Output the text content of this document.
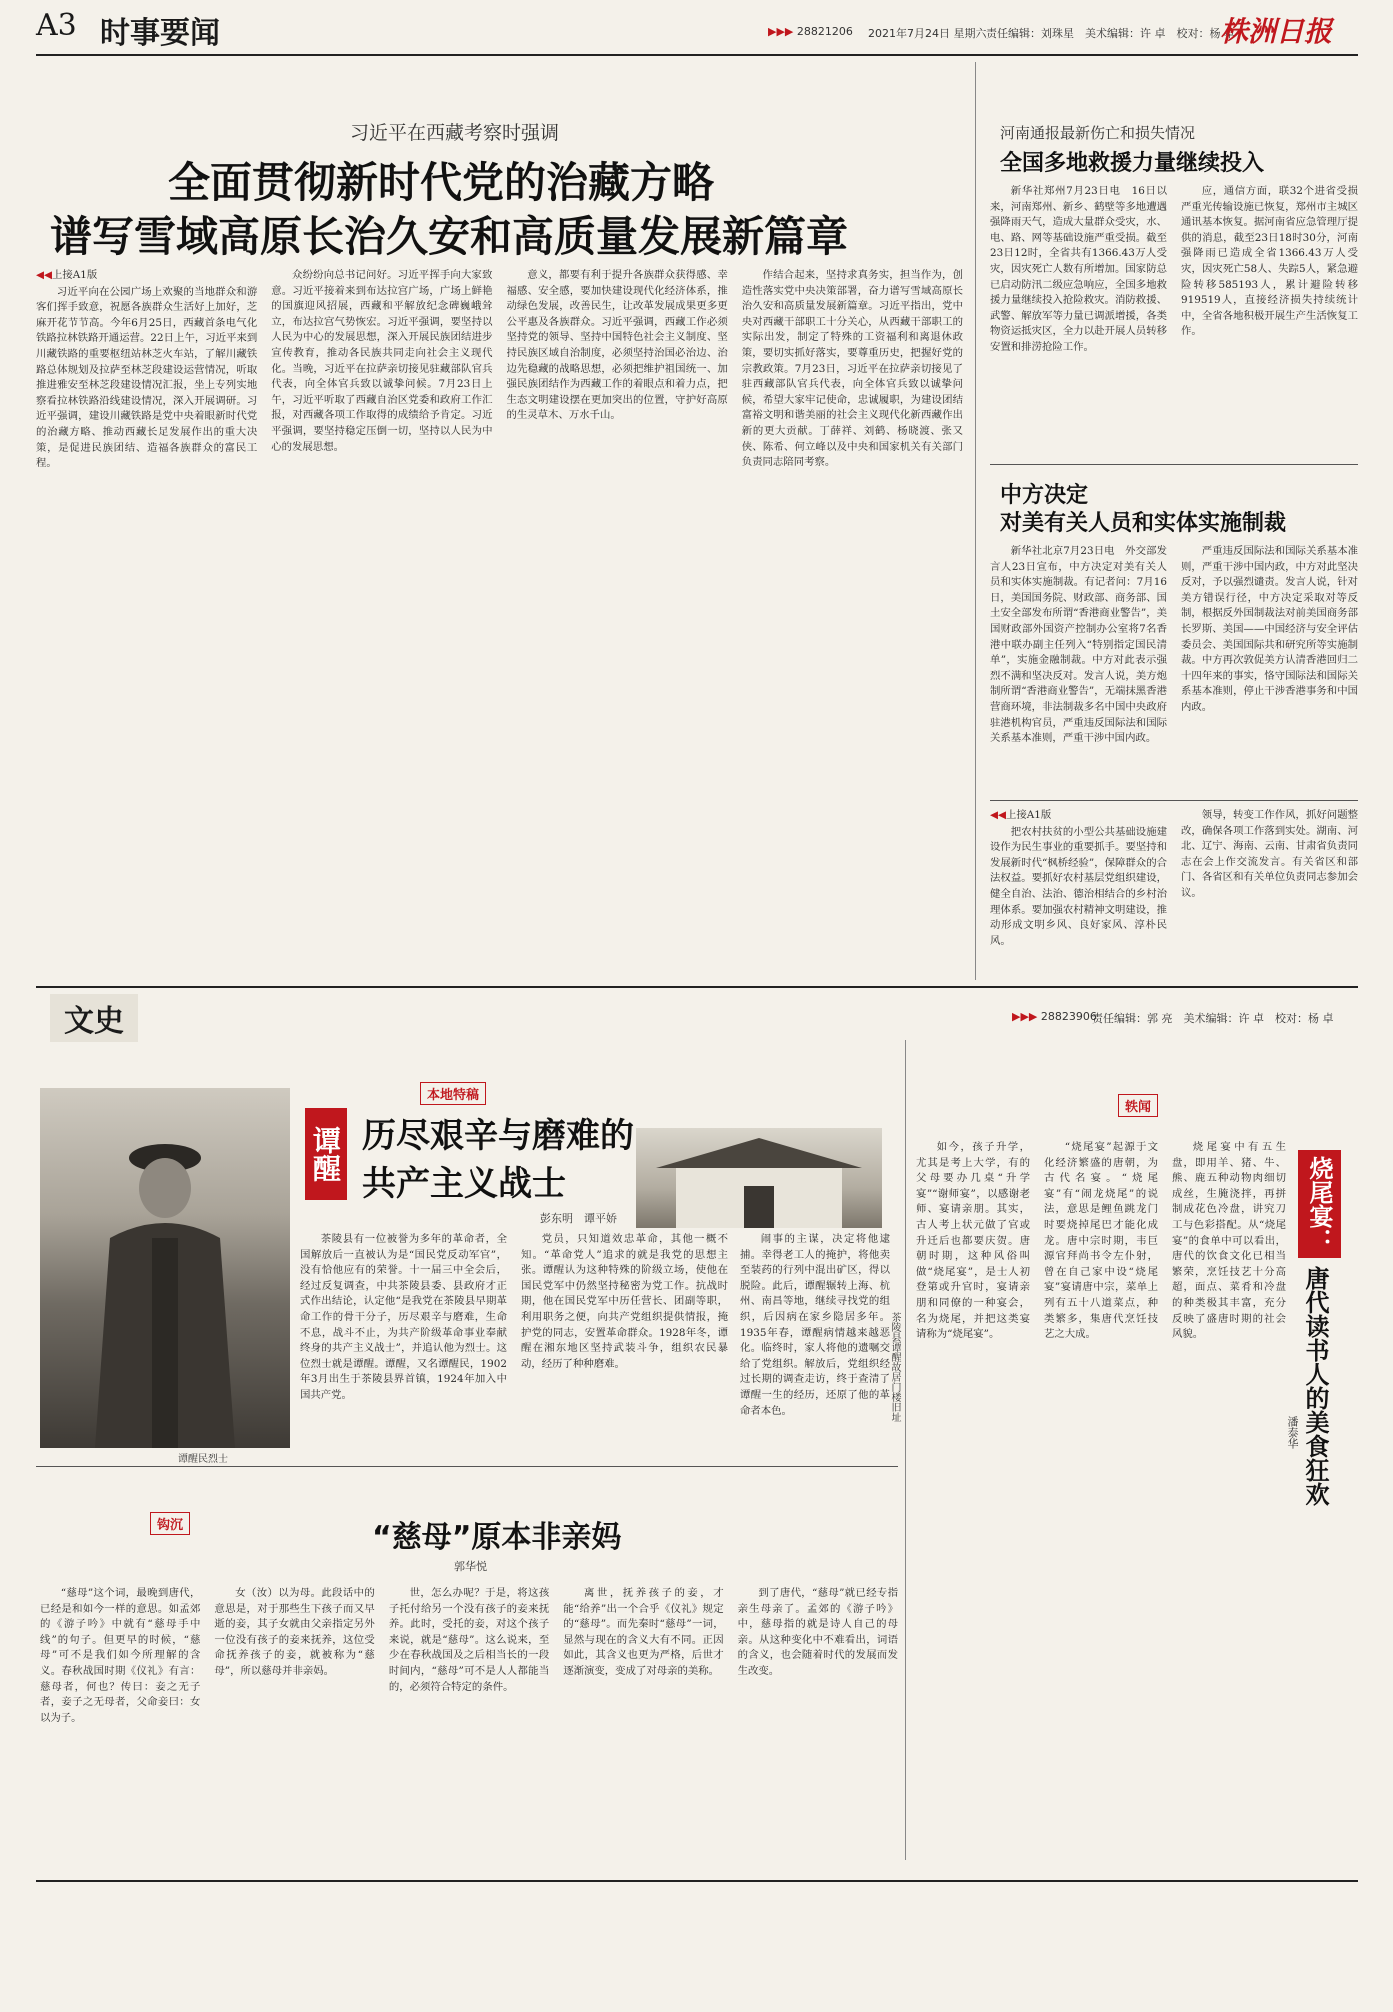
A3 时事要闻	▶▶▶ 28821206 2021年7月24日 星期六 责任编辑：刘珠星　美术编辑：许 卓　校对：杨 卓
株洲日报
习近平在西藏考察时强调
全面贯彻新时代党的治藏方略
谱写雪域高原长治久安和高质量发展新篇章

◀◀上接A1版

习近平向在公园广场上欢聚的当地群众和游客们挥手致意，祝愿各族群众生活好上加好，芝麻开花节节高。今年6月25日，西藏首条电气化铁路拉林铁路开通运营。22日上午，习近平来到川藏铁路的重要枢纽站林芝火车站，了解川藏铁路总体规划及拉萨至林芝段建设运营情况，听取推进雅安至林芝段建设情况汇报，坐上专列实地察看拉林铁路沿线建设情况，深入开展调研。习近平强调，建设川藏铁路是党中央着眼新时代党的治藏方略、推动西藏长足发展作出的重大决策，是促进民族团结、造福各族群众的富民工程。

众纷纷向总书记问好。习近平挥手向大家致意。习近平接着来到布达拉宫广场，广场上鲜艳的国旗迎风招展，西藏和平解放纪念碑巍峨耸立，布达拉宫气势恢宏。习近平强调，要坚持以人民为中心的发展思想，深入开展民族团结进步宣传教育，推动各民族共同走向社会主义现代化。当晚，习近平在拉萨亲切接见驻藏部队官兵代表，向全体官兵致以诚挚问候。7月23日上午，习近平听取了西藏自治区党委和政府工作汇报，对西藏各项工作取得的成绩给予肯定。习近平强调，要坚持稳定压倒一切，坚持以人民为中心的发展思想。

意义，都要有利于提升各族群众获得感、幸福感、安全感，要加快建设现代化经济体系，推动绿色发展，改善民生，让改革发展成果更多更公平惠及各族群众。习近平强调，西藏工作必须坚持党的领导、坚持中国特色社会主义制度、坚持民族区域自治制度，必须坚持治国必治边、治边先稳藏的战略思想，必须把维护祖国统一、加强民族团结作为西藏工作的着眼点和着力点，把生态文明建设摆在更加突出的位置，守护好高原的生灵草木、万水千山。

作结合起来，坚持求真务实，担当作为，创造性落实党中央决策部署，奋力谱写雪域高原长治久安和高质量发展新篇章。习近平指出，党中央对西藏干部职工十分关心，从西藏干部职工的实际出发，制定了特殊的工资福利和离退休政策，要切实抓好落实，要尊重历史，把握好党的宗教政策。7月23日，习近平在拉萨亲切接见了驻西藏部队官兵代表，向全体官兵致以诚挚问候，希望大家牢记使命，忠诚履职，为建设团结富裕文明和谐美丽的社会主义现代化新西藏作出新的更大贡献。丁薛祥、刘鹤、杨晓渡、张又侠、陈希、何立峰以及中央和国家机关有关部门负责同志陪同考察。

河南通报最新伤亡和损失情况
全国多地救援力量继续投入

新华社郑州7月23日电　16日以来，河南郑州、新乡、鹤壁等多地遭遇强降雨天气，造成大量群众受灾，水、电、路、网等基础设施严重受损。截至23日12时，全省共有1366.43万人受灾，因灾死亡人数有所增加。国家防总已启动防汛二级应急响应，全国多地救援力量继续投入抢险救灾。消防救援、武警、解放军等力量已调派增援，各类物资运抵灾区，全力以赴开展人员转移安置和排涝抢险工作。

应，通信方面，联32个进省受损严重光传输设施已恢复，郑州市主城区通讯基本恢复。据河南省应急管理厅提供的消息，截至23日18时30分，河南强降雨已造成全省1366.43万人受灾，因灾死亡58人、失踪5人，紧急避险转移585193人，累计避险转移919519人，直接经济损失持续统计中，全省各地积极开展生产生活恢复工作。

中方决定
对美有关人员和实体实施制裁

新华社北京7月23日电　外交部发言人23日宣布，中方决定对美有关人员和实体实施制裁。有记者问：7月16日，美国国务院、财政部、商务部、国土安全部发布所谓“香港商业警告”，美国财政部外国资产控制办公室将7名香港中联办副主任列入“特别指定国民清单”，实施金融制裁。中方对此表示强烈不满和坚决反对。发言人说，美方炮制所谓“香港商业警告”，无端抹黑香港营商环境，非法制裁多名中国中央政府驻港机构官员，严重违反国际法和国际关系基本准则，严重干涉中国内政。

严重违反国际法和国际关系基本准则，严重干涉中国内政，中方对此坚决反对，予以强烈谴责。发言人说，针对美方错误行径，中方决定采取对等反制，根据反外国制裁法对前美国商务部长罗斯、美国——中国经济与安全评估委员会、美国国际共和研究所等实施制裁。中方再次敦促美方认清香港回归二十四年来的事实，恪守国际法和国际关系基本准则，停止干涉香港事务和中国内政。

◀◀上接A1版

把农村扶贫的小型公共基础设施建设作为民生事业的重要抓手。要坚持和发展新时代“枫桥经验”，保障群众的合法权益。要抓好农村基层党组织建设，健全自治、法治、德治相结合的乡村治理体系。要加强农村精神文明建设，推动形成文明乡风、良好家风、淳朴民风。

领导，转变工作作风，抓好问题整改，确保各项工作落到实处。湖南、河北、辽宁、海南、云南、甘肃省负责同志在会上作交流发言。有关省区和部门、各省区和有关单位负责同志参加会议。

文史	▶▶▶ 28823906
责任编辑：郭 亮　美术编辑：许 卓　校对：杨 卓
谭醒民烈士
本地特稿
谭醒 历尽艰辛与磨难的
共产主义战士
彭东明　谭平娇

茶陵县有一位被誉为多年的革命者，全国解放后一直被认为是“国民党反动军官”，没有恰他应有的荣誉。十一届三中全会后，经过反复调查，中共茶陵县委、县政府才正式作出结论，认定他“是我党在茶陵县早期革命工作的骨干分子，历尽艰辛与磨难，生命不息，战斗不止，为共产阶级革命事业奉献终身的共产主义战士”，并追认他为烈士。这位烈士就是谭醒。谭醒，又名谭醒民，1902年3月出生于茶陵县界首镇，1924年加入中国共产党。

党员，只知道效忠革命，其他一概不知。“革命党人”追求的就是我党的思想主张。谭醒认为这种特殊的阶级立场，使他在国民党军中仍然坚持秘密为党工作。抗战时期，他在国民党军中历任营长、团副等职，利用职务之便，向共产党组织提供情报，掩护党的同志，安置革命群众。1928年冬，谭醒在湘东地区坚持武装斗争，组织农民暴动，经历了种种磨难。

闹事的主谋，决定将他逮捕。幸得老工人的掩护，将他卖至装药的行列中混出矿区，得以脱险。此后，谭醒辗转上海、杭州、南昌等地，继续寻找党的组织，后因病在家乡隐居多年。1935年春，谭醒病情越来越恶化。临终时，家人将他的遗嘱交给了党组织。解放后，党组织经过长期的调查走访，终于查清了谭醒一生的经历，还原了他的革命者本色。	茶陵县谭醒故居门楼旧址
轶闻

如今，孩子升学，尤其是考上大学，有的父母要办几桌“升学宴”“谢师宴”，以感谢老师、宴请亲朋。其实，古人考上状元做了官或升迁后也都要庆贺。唐朝时期，这种风俗叫做“烧尾宴”，是士人初登第或升官时，宴请亲朋和同僚的一种宴会，名为烧尾，并把这类宴请称为“烧尾宴”。

“烧尾宴”起源于文化经济繁盛的唐朝，为古代名宴。“烧尾宴”有“闹龙烧尾”的说法，意思是鲤鱼跳龙门时要烧掉尾巴才能化成龙。唐中宗时期，韦巨源官拜尚书令左仆射，曾在自己家中设“烧尾宴”宴请唐中宗，菜单上列有五十八道菜点，种类繁多，集唐代烹饪技艺之大成。

烧尾宴中有五生盘，即用羊、猪、牛、熊、鹿五种动物肉细切成丝，生腌浇拌，再拼制成花色冷盘，讲究刀工与色彩搭配。从“烧尾宴”的食单中可以看出，唐代的饮食文化已相当繁荣，烹饪技艺十分高超，面点、菜肴和冷盘的种类极其丰富，充分反映了盛唐时期的社会风貌。

烧尾宴： 唐代读书人的美食狂欢
潘泰华
钩沉	“慈母”原本非亲妈
郭华悦

“慈母”这个词，最晚到唐代，已经是和如今一样的意思。如孟郊的《游子吟》中就有“慈母手中线”的句子。但更早的时候，“慈母”可不是我们如今所理解的含义。春秋战国时期《仪礼》有言：慈母者，何也？传曰：妾之无子者，妾子之无母者，父命妾曰：女以为子。

女（汝）以为母。此段话中的意思是，对于那些生下孩子而又早逝的妾，其子女就由父亲指定另外一位没有孩子的妾来抚养，这位受命抚养孩子的妾，就被称为“慈母”，所以慈母并非亲妈。

世，怎么办呢？于是，将这孩子托付给另一个没有孩子的妾来抚养。此时，受托的妾，对这个孩子来说，就是“慈母”。这么说来，至少在春秋战国及之后相当长的一段时间内，“慈母”可不是人人都能当的，必须符合特定的条件。

离世，抚养孩子的妾，才能“给养”出一个合乎《仪礼》规定的“慈母”。而先秦时“慈母”一词，显然与现在的含义大有不同。正因如此，其含义也更为严格，后世才逐渐演变，变成了对母亲的美称。

到了唐代，“慈母”就已经专指亲生母亲了。孟郊的《游子吟》中，慈母指的就是诗人自己的母亲。从这种变化中不难看出，词语的含义，也会随着时代的发展而发生改变。
